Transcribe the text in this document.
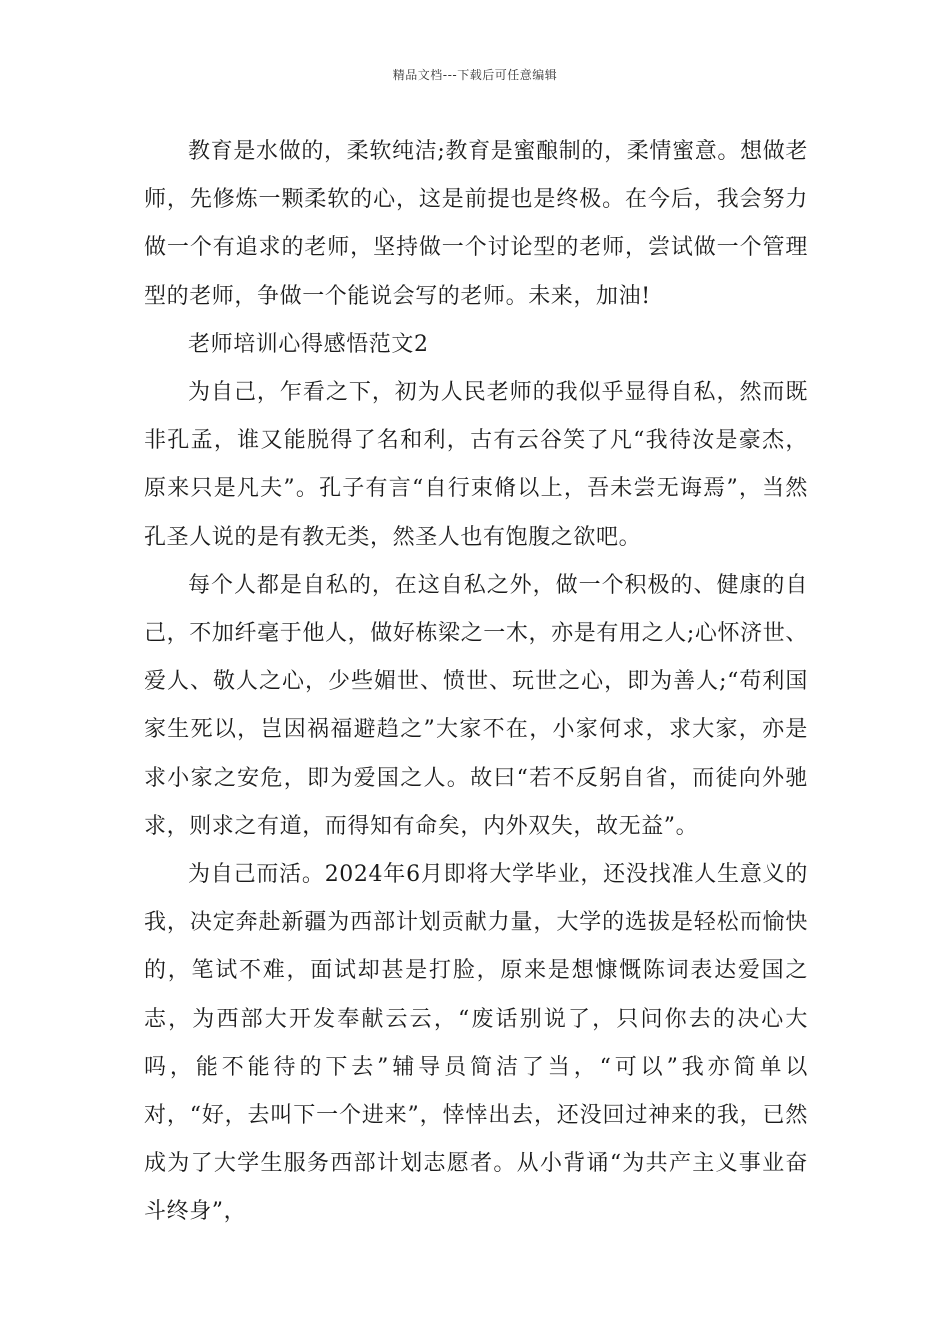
精品文档---下载后可任意编辑

教育是水做的，柔软纯洁;教育是蜜酿制的，柔情蜜意。想做老师，先修炼一颗柔软的心，这是前提也是终极。在今后，我会努力做一个有追求的老师，坚持做一个讨论型的老师，尝试做一个管理型的老师，争做一个能说会写的老师。未来，加油!

老师培训心得感悟范文2

为自己，乍看之下，初为人民老师的我似乎显得自私，然而既非孔孟，谁又能脱得了名和利，古有云谷笑了凡“我待汝是豪杰，原来只是凡夫”。孔子有言“自行束脩以上，吾未尝无诲焉”，当然孔圣人说的是有教无类，然圣人也有饱腹之欲吧。

每个人都是自私的，在这自私之外，做一个积极的、健康的自己，不加纤毫于他人，做好栋梁之一木，亦是有用之人;心怀济世、爱人、敬人之心，少些媚世、愤世、玩世之心，即为善人;“苟利国家生死以，岂因祸福避趋之”大家不在，小家何求，求大家，亦是求小家之安危，即为爱国之人。故曰“若不反躬自省，而徒向外驰求，则求之有道，而得知有命矣，内外双失，故无益”。

为自己而活。2024年6月即将大学毕业，还没找准人生意义的我，决定奔赴新疆为西部计划贡献力量，大学的选拔是轻松而愉快的，笔试不难，面试却甚是打脸，原来是想慷慨陈词表达爱国之志，为西部大开发奉献云云，“废话别说了，只问你去的决心大吗，能不能待的下去”辅导员简洁了当，“可以”我亦简单以对，“好，去叫下一个进来”，悻悻出去，还没回过神来的我，已然成为了大学生服务西部计划志愿者。从小背诵“为共产主义事业奋斗终身”，
